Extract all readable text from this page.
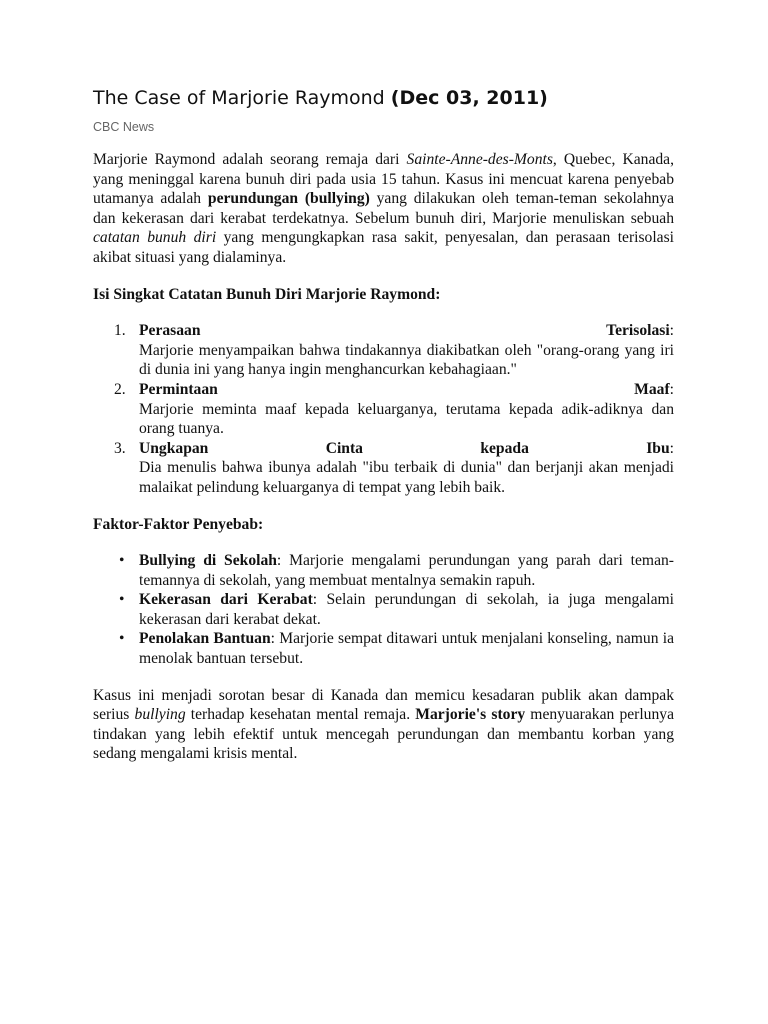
The Case of Marjorie Raymond (Dec 03, 2011)
CBC News

Marjorie Raymond adalah seorang remaja dari Sainte-Anne-des-Monts, Quebec, Kanada, yang meninggal karena bunuh diri pada usia 15 tahun. Kasus ini mencuat karena penyebab utamanya adalah perundungan (bullying) yang dilakukan oleh teman-teman sekolahnya dan kekerasan dari kerabat terdekatnya. Sebelum bunuh diri, Marjorie menuliskan sebuah catatan bunuh diri yang mengungkapkan rasa sakit, penyesalan, dan perasaan terisolasi akibat situasi yang dialaminya.

Isi Singkat Catatan Bunuh Diri Marjorie Raymond:

1. Perasaan	Terisolasi:
Marjorie menyampaikan bahwa tindakannya diakibatkan oleh "orang-orang yang iri di dunia ini yang hanya ingin menghancurkan kebahagiaan."
2. Permintaan	Maaf:
Marjorie meminta maaf kepada keluarganya, terutama kepada adik-adiknya dan orang tuanya.
3. Ungkapan	Cinta	kepada	Ibu:
Dia menulis bahwa ibunya adalah "ibu terbaik di dunia" dan berjanji akan menjadi malaikat pelindung keluarganya di tempat yang lebih baik.

Faktor-Faktor Penyebab:

• Bullying di Sekolah: Marjorie mengalami perundungan yang parah dari teman-temannya di sekolah, yang membuat mentalnya semakin rapuh.
• Kekerasan dari Kerabat: Selain perundungan di sekolah, ia juga mengalami kekerasan dari kerabat dekat.
• Penolakan Bantuan: Marjorie sempat ditawari untuk menjalani konseling, namun ia menolak bantuan tersebut.

Kasus ini menjadi sorotan besar di Kanada dan memicu kesadaran publik akan dampak serius bullying terhadap kesehatan mental remaja. Marjorie's story menyuarakan perlunya tindakan yang lebih efektif untuk mencegah perundungan dan membantu korban yang sedang mengalami krisis mental.
